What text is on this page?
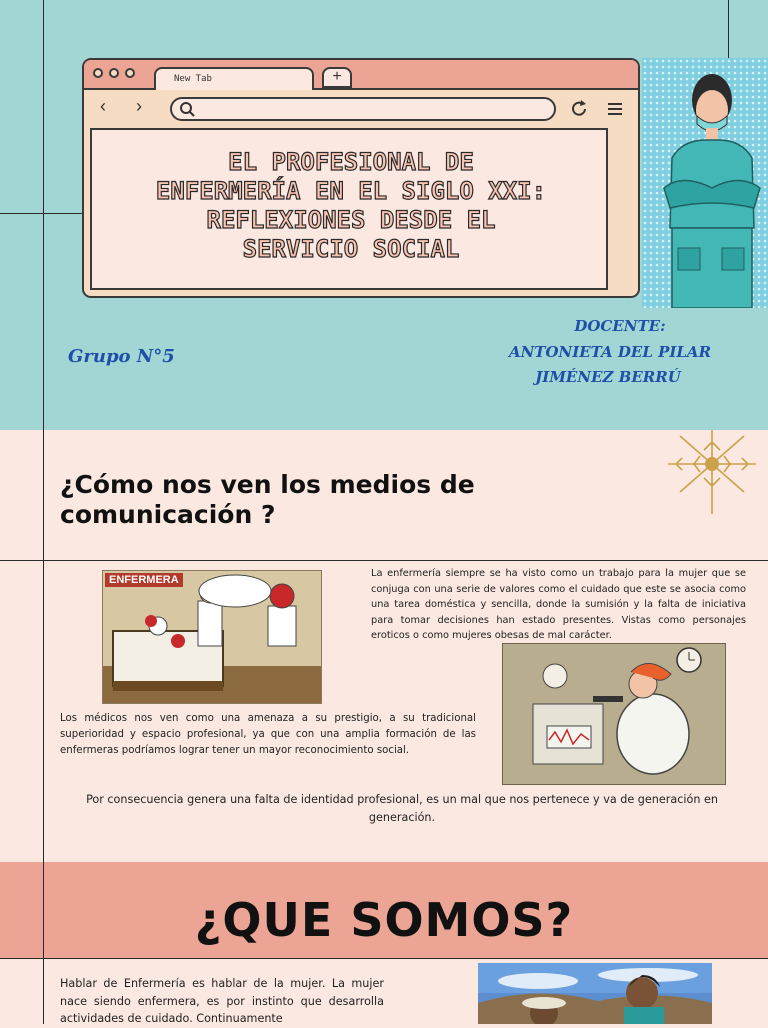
New Tab	+
‹ ›
EL PROFESIONAL DE
ENFERMERÍA EN EL SIGLO XXI:
REFLEXIONES DESDE EL
SERVICIO SOCIAL
Grupo N°5
DOCENTE:
ANTONIETA DEL PILAR
JIMÉNEZ BERRÚ
¿Cómo nos ven los medios de
comunicación ?
ENFERMERA
La enfermería siempre se ha visto como un trabajo para la mujer que se conjuga con una serie de valores como el cuidado que este se asocia como una tarea doméstica y sencilla, donde la sumisión y la falta de iniciativa para tomar decisiones han estado presentes. Vistas como personajes eroticos o como mujeres obesas de mal carácter.
Los médicos nos ven como una amenaza a su prestigio, a su tradicional superioridad y espacio profesional, ya que con una amplia formación de las enfermeras podríamos lograr tener un mayor reconocimiento social.
Por consecuencia genera una falta de identidad profesional, es un mal que nos pertenece y va de generación en generación.
¿QUE SOMOS?
Hablar de Enfermería es hablar de la mujer. La mujer nace siendo enfermera, es por instinto que desarrolla actividades de cuidado. Continuamente
